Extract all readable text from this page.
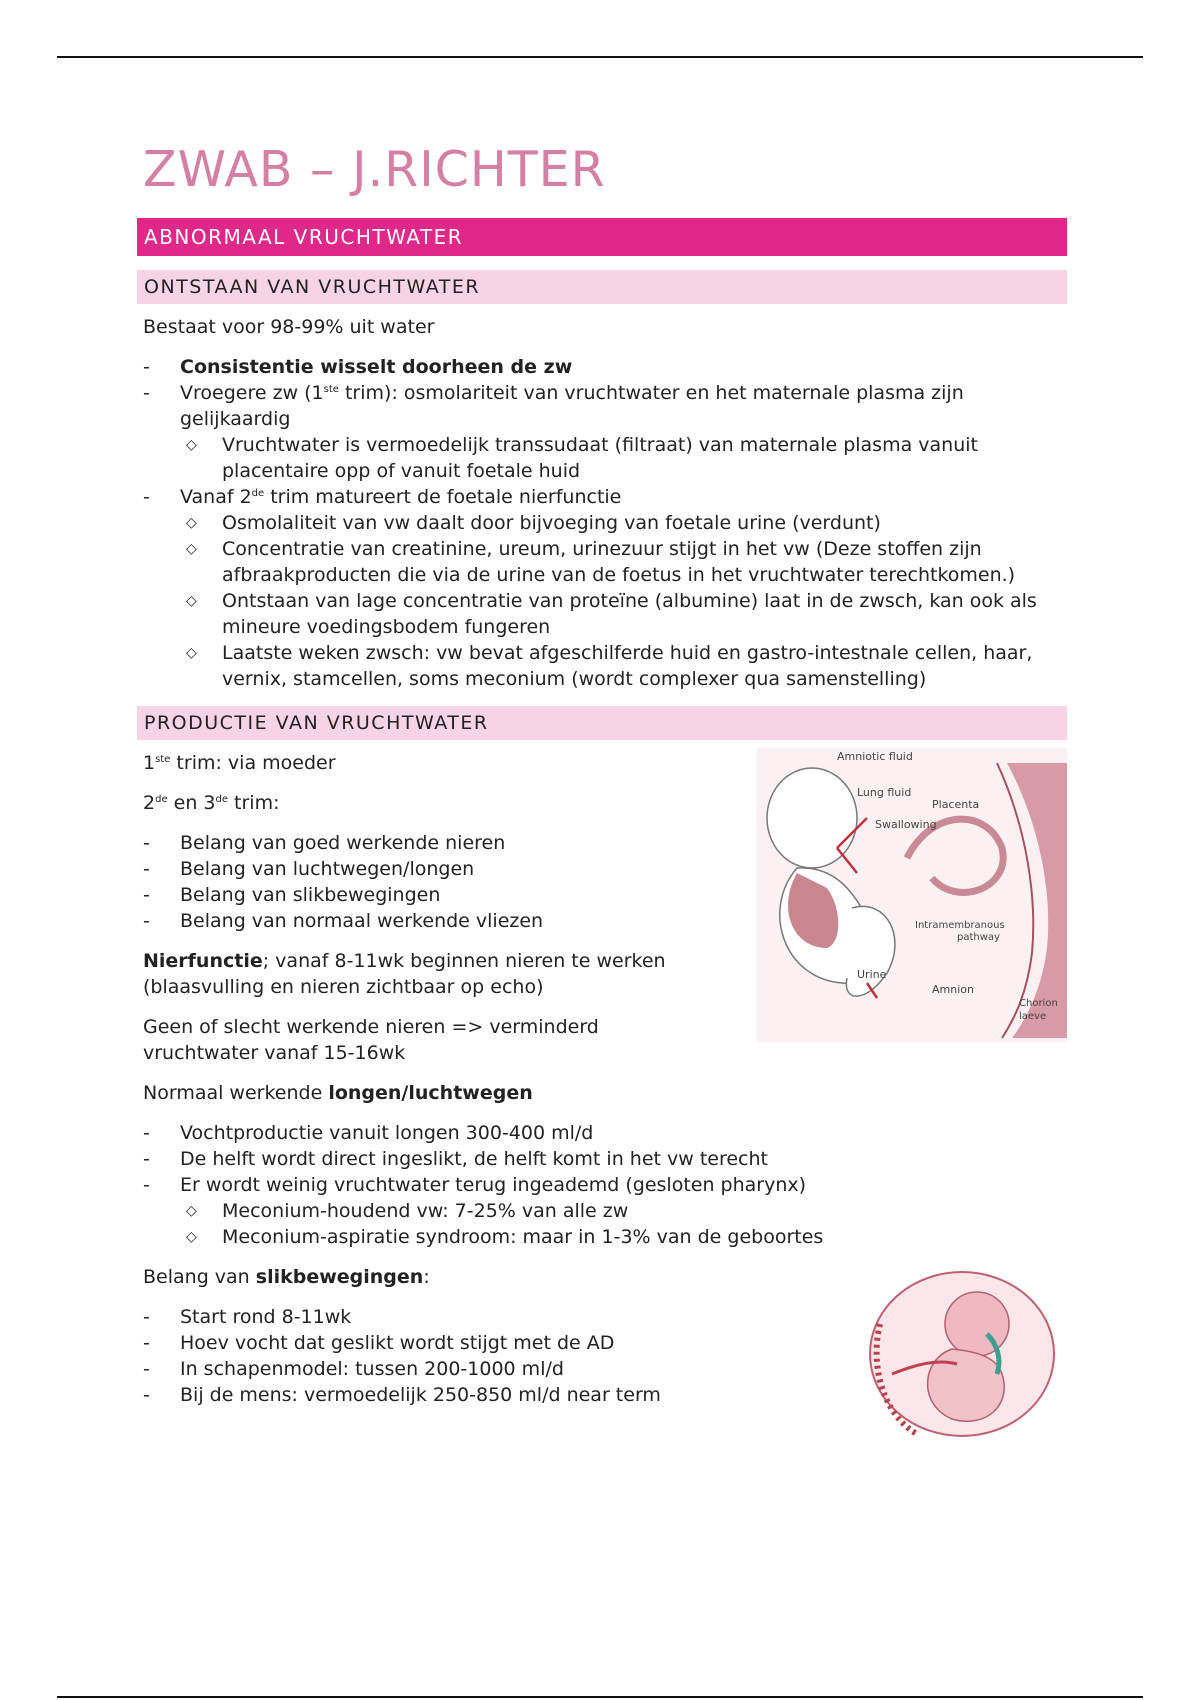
ZWAB – J.RICHTER
ABNORMAAL VRUCHTWATER
ONTSTAAN VAN VRUCHTWATER

Bestaat voor 98-99% uit water

- Consistentie wisselt doorheen de zw
- Vroegere zw (1ste trim): osmolariteit van vruchtwater en het maternale plasma zijn gelijkaardig
◇ Vruchtwater is vermoedelijk transsudaat (filtraat) van maternale plasma vanuit placentaire opp of vanuit foetale huid
- Vanaf 2de trim matureert de foetale nierfunctie
◇ Osmolaliteit van vw daalt door bijvoeging van foetale urine (verdunt)
◇ Concentratie van creatinine, ureum, urinezuur stijgt in het vw (Deze stoffen zijn afbraakproducten die via de urine van de foetus in het vruchtwater terechtkomen.)
◇ Ontstaan van lage concentratie van proteïne (albumine) laat in de zwsch, kan ook als mineure voedingsbodem fungeren
◇ Laatste weken zwsch: vw bevat afgeschilferde huid en gastro-intestnale cellen, haar, vernix, stamcellen, soms meconium (wordt complexer qua samenstelling)
PRODUCTIE VAN VRUCHTWATER
Amniotic fluid
Lung fluid
Placenta
Swallowing
Intramembranous
pathway
Urine
Amnion
Chorion
laeve

1ste trim: via moeder

2de en 3de trim:

- Belang van goed werkende nieren
- Belang van luchtwegen/longen
- Belang van slikbewegingen
- Belang van normaal werkende vliezen

Nierfunctie; vanaf 8-11wk beginnen nieren te werken (blaasvulling en nieren zichtbaar op echo)

Geen of slecht werkende nieren => verminderd vruchtwater vanaf 15-16wk

Normaal werkende longen/luchtwegen

- Vochtproductie vanuit longen 300-400 ml/d
- De helft wordt direct ingeslikt, de helft komt in het vw terecht
- Er wordt weinig vruchtwater terug ingeademd (gesloten pharynx)
◇ Meconium-houdend vw: 7-25% van alle zw
◇ Meconium-aspiratie syndroom: maar in 1-3% van de geboortes

Belang van slikbewegingen:

- Start rond 8-11wk
- Hoev vocht dat geslikt wordt stijgt met de AD
- In schapenmodel: tussen 200-1000 ml/d
- Bij de mens: vermoedelijk 250-850 ml/d near term
